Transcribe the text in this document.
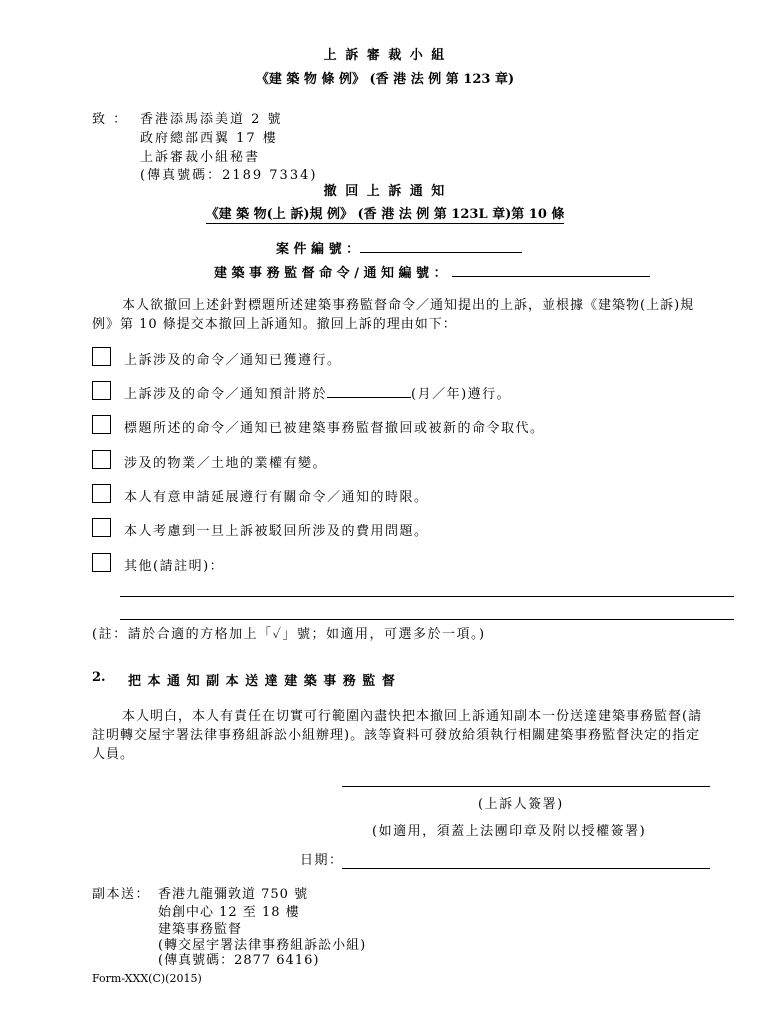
上 訴 審 裁 小 組
《建 築 物 條 例》 (香 港 法 例 第 123 章)
致 ： 香港添馬添美道 2 號
政府總部西翼 17 樓
上訴審裁小組秘書
(傳真號碼：2189 7334)
撤 回 上 訴 通 知
《建 築 物(上 訴)規 例》 (香 港 法 例 第 123L 章)第 10 條
案 件 編 號 ：
建 築 事 務 監 督 命 令 / 通 知 編 號 ：
本人欲撤回上述針對標題所述建築事務監督命令／通知提出的上訴，並根據《建築物(上訴)規例》第 10 條提交本撤回上訴通知。撤回上訴的理由如下：
上訴涉及的命令／通知已獲遵行。
上訴涉及的命令／通知預計將於	(月／年)遵行。
標題所述的命令／通知已被建築事務監督撤回或被新的命令取代。
涉及的物業／土地的業權有變。
本人有意申請延展遵行有關命令／通知的時限。
本人考慮到一旦上訴被駁回所涉及的費用問題。
其他(請註明)：
(註：請於合適的方格加上「✓」號；如適用，可選多於一項。)
2. 把 本 通 知 副 本 送 達 建 築 事 務 監 督
本人明白，本人有責任在切實可行範圍內盡快把本撤回上訴通知副本一份送達建築事務監督(請註明轉交屋宇署法律事務組訴訟小組辦理)。該等資料可發放給須執行相關建築事務監督決定的指定人員。
(上訴人簽署)
(如適用，須蓋上法團印章及附以授權簽署)
日期：
副本送： 香港九龍彌敦道 750 號
始創中心 12 至 18 樓
建築事務監督
(轉交屋宇署法律事務組訴訟小組)
(傳真號碼：2877 6416)
Form-XXX(C)(2015)
